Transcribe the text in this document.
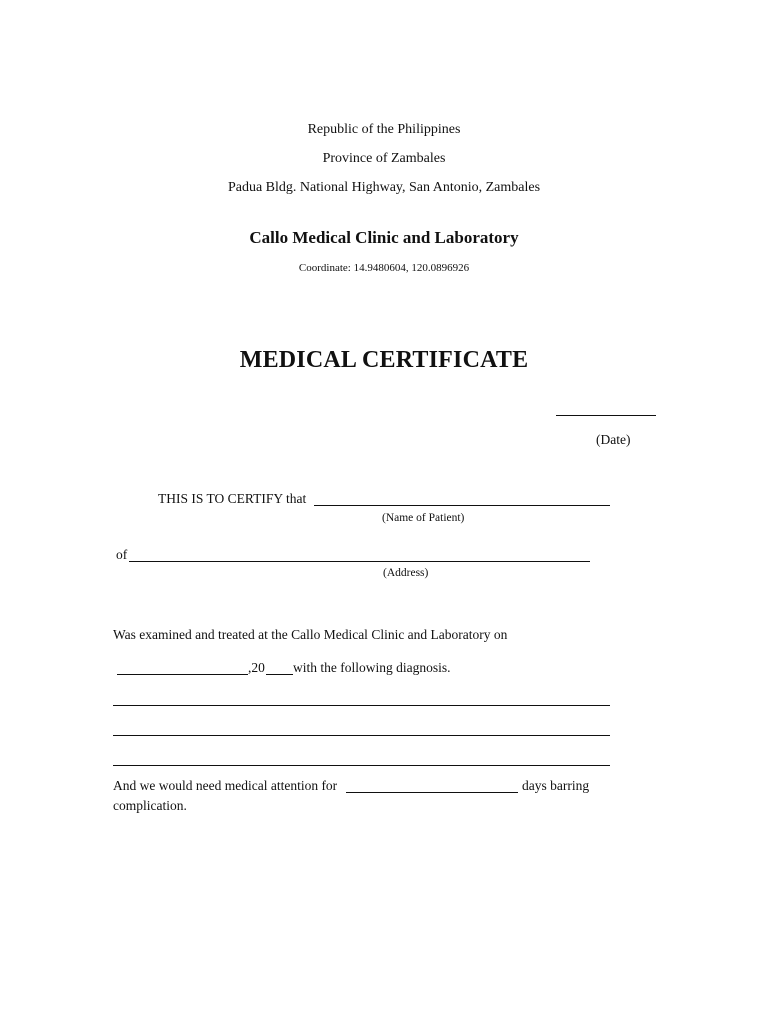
Republic of the Philippines
Province of Zambales
Padua Bldg. National Highway, San Antonio, Zambales
Callo Medical Clinic and Laboratory
Coordinate: 14.9480604, 120.0896926
MEDICAL CERTIFICATE
(Date)
THIS IS TO CERTIFY that
(Name of Patient)
of
(Address)
Was examined and treated at the Callo Medical Clinic and Laboratory on
,20 with the following diagnosis.
And we would need medical attention for	days barring
complication.
